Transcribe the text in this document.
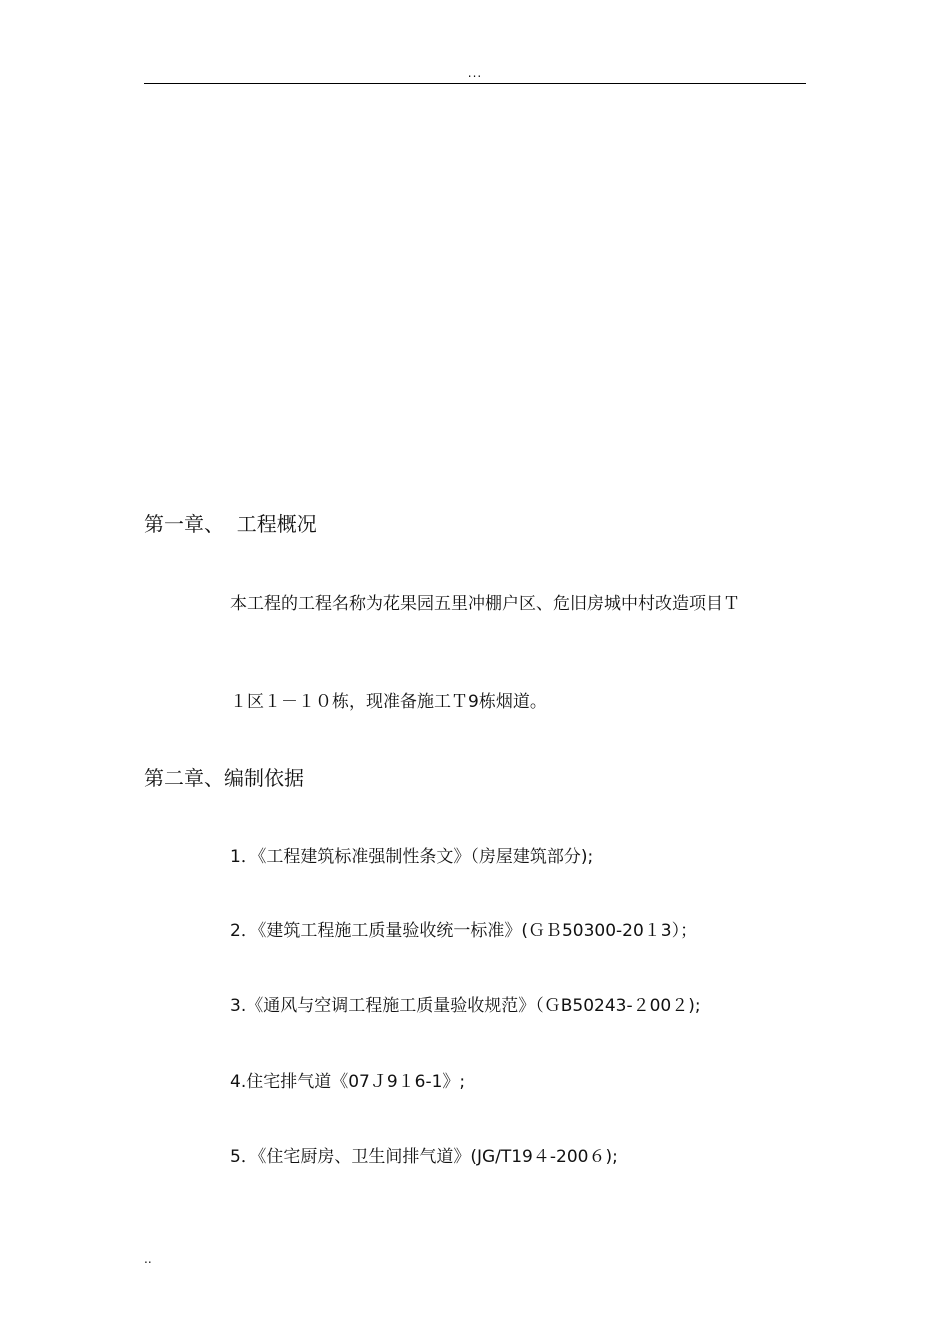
...
第一章、  工程概况
本工程的工程名称为花果园五里冲棚户区、危旧房城中村改造项目Ｔ
１区１－１０栋，现准备施工Ｔ9栋烟道。
第二章、编制依据
1．《工程建筑标准强制性条文》（房屋建筑部分);
2．《建筑工程施工质量验收统一标准》(ＧＢ50300-20１3）；
3.《通风与空调工程施工质量验收规范》（ＧB50243-２00２);
4.住宅排气道《07Ｊ9１6-1》;
5．《住宅厨房、卫生间排气道》(JG/T19４-200６);
..
